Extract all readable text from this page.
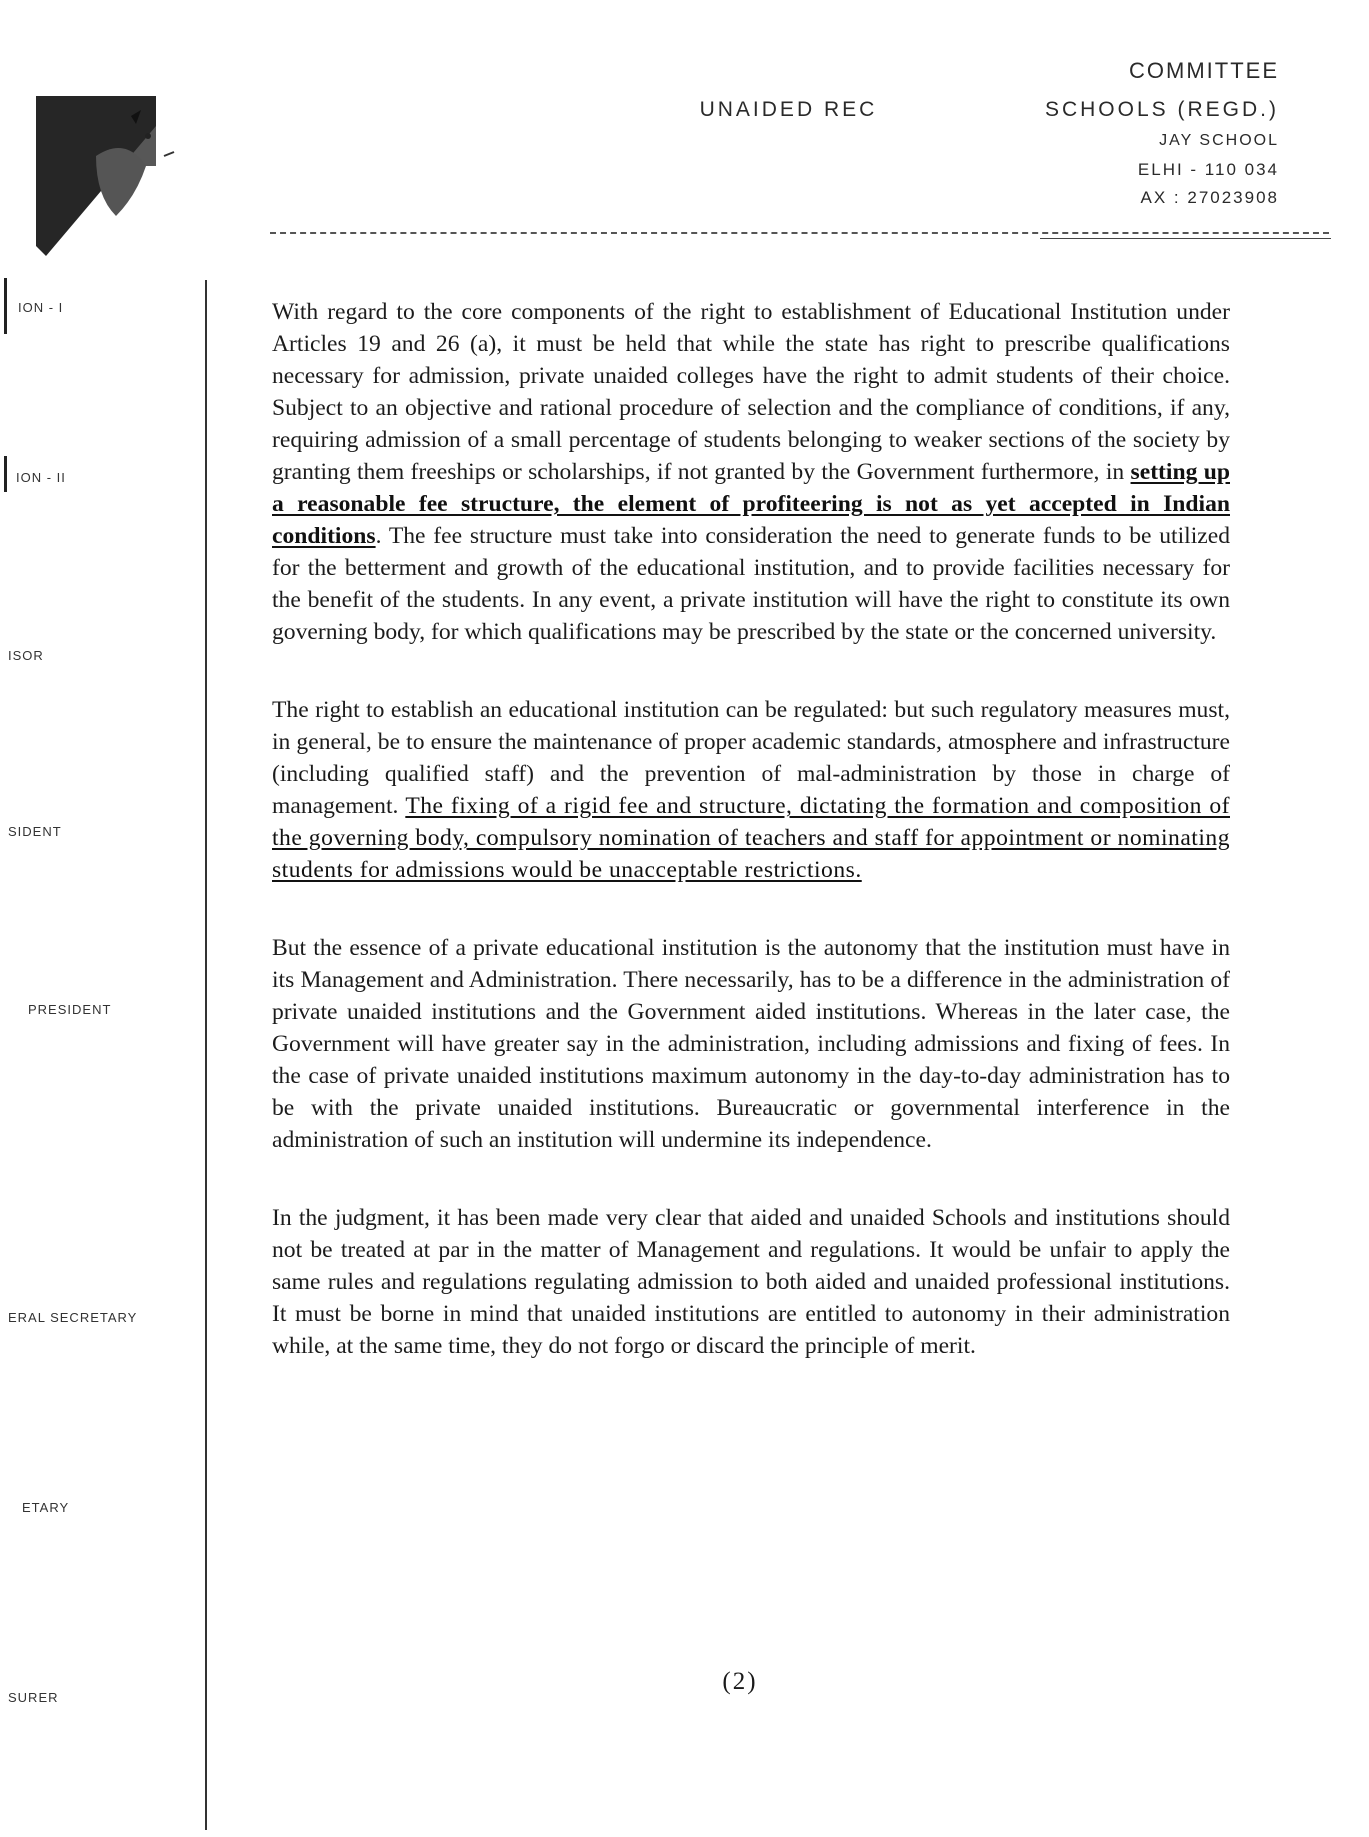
COMMITTEE
UNAIDED REC	SCHOOLS (REGD.)
JAY SCHOOL
ELHI - 110 034
AX : 27023908
ION - I
ION - II
ISOR
SIDENT
PRESIDENT
ERAL SECRETARY
ETARY
SURER

With regard to the core components of the right to establishment of Educational Institution under Articles 19 and 26 (a), it must be held that while the state has right to prescribe qualifications necessary for admission, private unaided colleges have the right to admit students of their choice. Subject to an objective and rational procedure of selection and the compliance of conditions, if any, requiring admission of a small percentage of students belonging to weaker sections of the society by granting them freeships or scholarships, if not granted by the Government furthermore, in setting up a reasonable fee structure, the element of profiteering is not as yet accepted in Indian conditions. The fee structure must take into consideration the need to generate funds to be utilized for the betterment and growth of the educational institution, and to provide facilities necessary for the benefit of the students. In any event, a private institution will have the right to constitute its own governing body, for which qualifications may be prescribed by the state or the concerned university.

The right to establish an educational institution can be regulated: but such regulatory measures must, in general, be to ensure the maintenance of proper academic standards, atmosphere and infrastructure (including qualified staff) and the prevention of mal-administration by those in charge of management. The fixing of a rigid fee and structure, dictating the formation and composition of the governing body, compulsory nomination of teachers and staff for appointment or nominating students for admissions would be unacceptable restrictions.

But the essence of a private educational institution is the autonomy that the institution must have in its Management and Administration. There necessarily, has to be a difference in the administration of private unaided institutions and the Government aided institutions. Whereas in the later case, the Government will have greater say in the administration, including admissions and fixing of fees. In the case of private unaided institutions maximum autonomy in the day-to-day administration has to be with the private unaided institutions. Bureaucratic or governmental interference in the administration of such an institution will undermine its independence.

In the judgment, it has been made very clear that aided and unaided Schools and institutions should not be treated at par in the matter of Management and regulations. It would be unfair to apply the same rules and regulations regulating admission to both aided and unaided professional institutions. It must be borne in mind that unaided institutions are entitled to autonomy in their administration while, at the same time, they do not forgo or discard the principle of merit.

(2)
